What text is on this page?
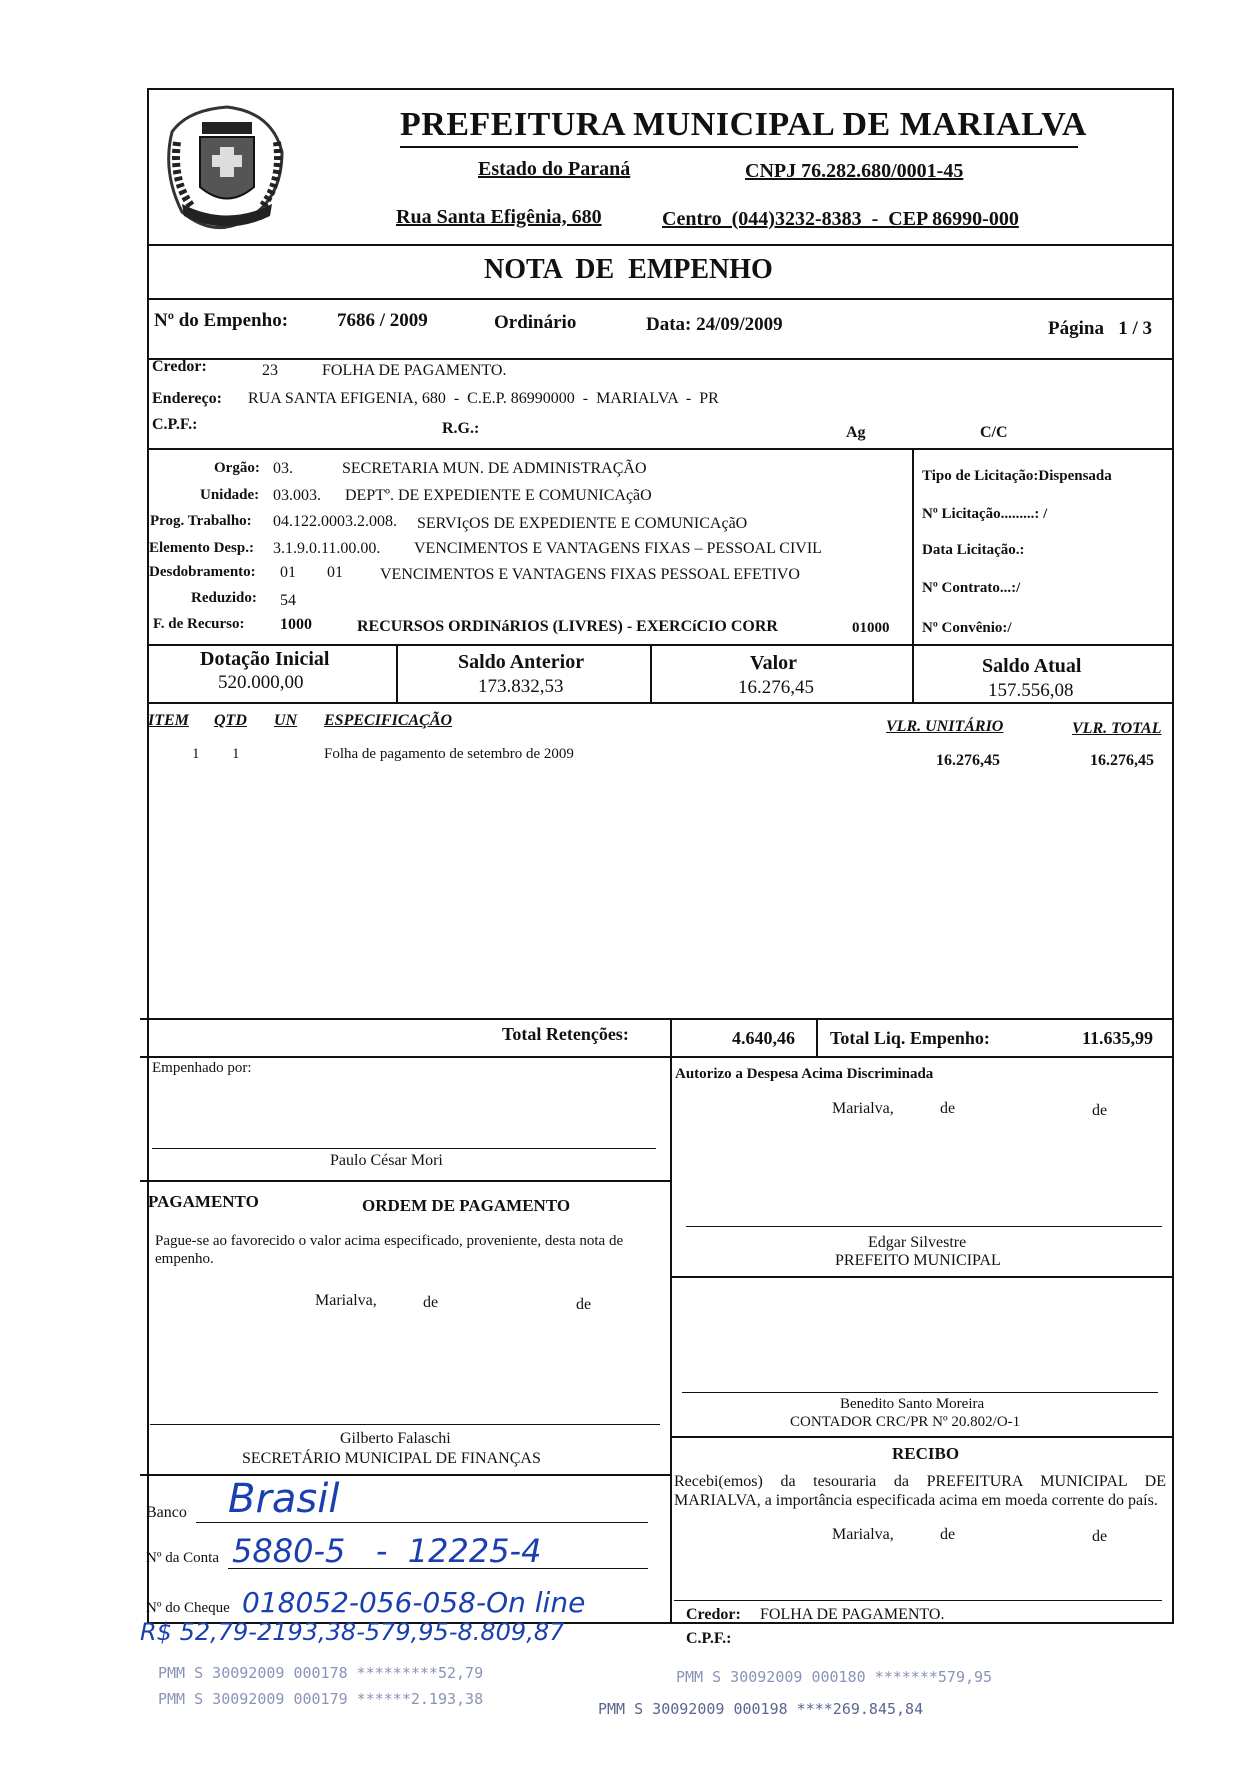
PREFEITURA MUNICIPAL DE MARIALVA
Estado do Paraná	CNPJ 76.282.680/0001-45
Rua Santa Efigênia, 680	Centro  (044)3232-8383  -  CEP 86990-000
NOTA  DE  EMPENHO
Nº do Empenho:	7686 / 2009	Ordinário	Data: 24/09/2009	Página   1 / 3
Credor:	23	FOLHA DE PAGAMENTO.
Endereço: RUA SANTA EFIGENIA, 680  -  C.E.P. 86990000  -  MARIALVA  -  PR
C.P.F.:	R.G.:	Ag	C/C
Orgão: 03.	SECRETARIA MUN. DE ADMINISTRAÇÃO
Unidade: 03.003. DEPTº. DE EXPEDIENTE E COMUNICAçãO
Prog. Trabalho: 04.122.0003.2.008. SERVIçOS DE EXPEDIENTE E COMUNICAçãO
Elemento Desp.: 3.1.9.0.11.00.00. VENCIMENTOS E VANTAGENS FIXAS – PESSOAL CIVIL
Desdobramento: 01 01 VENCIMENTOS E VANTAGENS FIXAS PESSOAL EFETIVO
Reduzido: 54
F. de Recurso: 1000	RECURSOS ORDINáRIOS (LIVRES) - EXERCíCIO CORR	01000
Tipo de Licitação:Dispensada
Nº Licitação.........: /
Data Licitação.:
Nº Contrato...:/
Nº Convênio:/
Dotação Inicial
520.000,00
Saldo Anterior
173.832,53
Valor
16.276,45
Saldo Atual
157.556,08
ITEM QTD UN ESPECIFICAÇÃO	VLR. UNITÁRIO	VLR. TOTAL
1 1	Folha de pagamento de setembro de 2009	16.276,45	16.276,45
Total Retenções:	4.640,46 Total Liq. Empenho:	11.635,99
Empenhado por:
Paulo César Mori
PAGAMENTO	ORDEM DE PAGAMENTO
Pague-se ao favorecido o valor acima especificado, proveniente, desta nota de empenho.
Marialva,	de	de
Gilberto Falaschi
SECRETÁRIO MUNICIPAL DE FINANÇAS
Banco Brasil
Nº da Conta 5880-5   -  12225-4
Nº do Cheque 018052-056-058-On line
R$ 52,79-2193,38-579,95-8.809,87
Autorizo a Despesa Acima Discriminada
Marialva,	de	de
Edgar Silvestre
PREFEITO MUNICIPAL
Benedito Santo Moreira
CONTADOR CRC/PR Nº 20.802/O-1
RECIBO
Recebi(emos) da tesouraria da PREFEITURA MUNICIPAL DE MARIALVA, a importância especificada acima em moeda corrente do país.
Marialva,	de	de
Credor: FOLHA DE PAGAMENTO.
C.P.F.:
PMM S 30092009 000178 *********52,79
PMM S 30092009 000179 ******2.193,38
PMM S 30092009 000180 *******579,95
PMM S 30092009 000198 ****269.845,84
